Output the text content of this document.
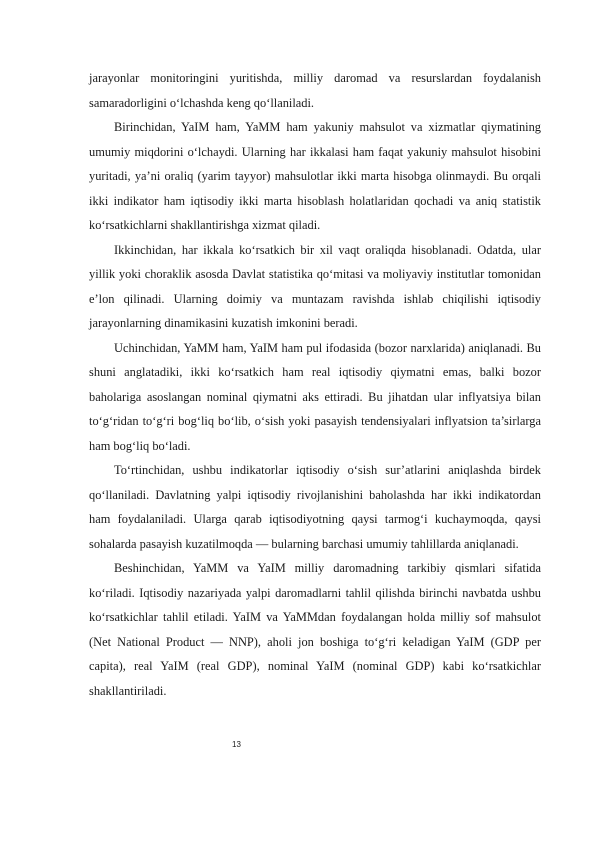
jarayonlar monitoringini yuritishda, milliy daromad va resurslardan foydalanish samaradorligini o‘lchashda keng qo‘llaniladi.

Birinchidan, YaIM ham, YaMM ham yakuniy mahsulot va xizmatlar qiymatining umumiy miqdorini o‘lchaydi. Ularning har ikkalasi ham faqat yakuniy mahsulot hisobini yuritadi, ya’ni oraliq (yarim tayyor) mahsulotlar ikki marta hisobga olinmaydi. Bu orqali ikki indikator ham iqtisodiy ikki marta hisoblash holatlaridan qochadi va aniq statistik ko‘rsatkichlarni shakllantirishga xizmat qiladi.

Ikkinchidan, har ikkala ko‘rsatkich bir xil vaqt oraliqda hisoblanadi. Odatda, ular yillik yoki choraklik asosda Davlat statistika qo‘mitasi va moliyaviy institutlar tomonidan e’lon qilinadi. Ularning doimiy va muntazam ravishda ishlab chiqilishi iqtisodiy jarayonlarning dinamikasini kuzatish imkonini beradi.

Uchinchidan, YaMM ham, YaIM ham pul ifodasida (bozor narxlarida) aniqlanadi. Bu shuni anglatadiki, ikki ko‘rsatkich ham real iqtisodiy qiymatni emas, balki bozor baholariga asoslangan nominal qiymatni aks ettiradi. Bu jihatdan ular inflyatsiya bilan to‘g‘ridan to‘g‘ri bog‘liq bo‘lib, o‘sish yoki pasayish tendensiyalari inflyatsion ta’sirlarga ham bog‘liq bo‘ladi.

To‘rtinchidan, ushbu indikatorlar iqtisodiy o‘sish sur’atlarini aniqlashda birdek qo‘llaniladi. Davlatning yalpi iqtisodiy rivojlanishini baholashda har ikki indikatordan ham foydalaniladi. Ularga qarab iqtisodiyotning qaysi tarmog‘i kuchaymoqda, qaysi sohalarda pasayish kuzatilmoqda — bularning barchasi umumiy tahlillarda aniqlanadi.

Beshinchidan, YaMM va YaIM milliy daromadning tarkibiy qismlari sifatida ko‘riladi. Iqtisodiy nazariyada yalpi daromadlarni tahlil qilishda birinchi navbatda ushbu ko‘rsatkichlar tahlil etiladi. YaIM va YaMMdan foydalangan holda milliy sof mahsulot (Net National Product — NNP), aholi jon boshiga to‘g‘ri keladigan YaIM (GDP per capita), real YaIM (real GDP), nominal YaIM (nominal GDP) kabi ko‘rsatkichlar shakllantiriladi.

13
